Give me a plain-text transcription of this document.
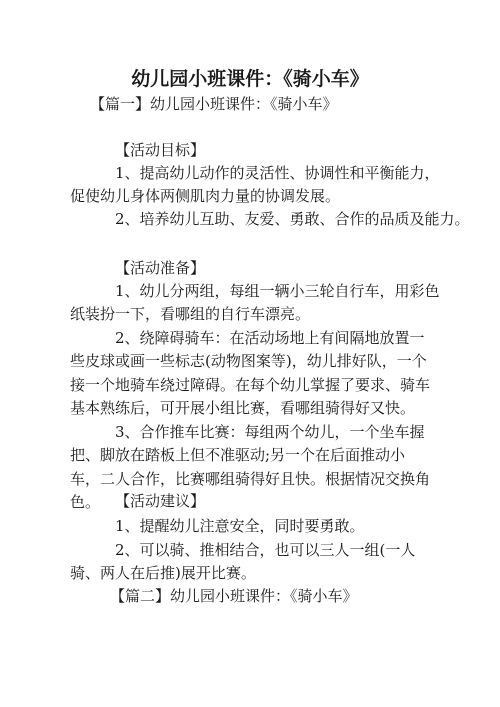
幼儿园小班课件：《骑小车》
【篇一】幼儿园小班课件：《骑小车》
【活动目标】
1、提高幼儿动作的灵活性、协调性和平衡能力，促使幼儿身体两侧肌肉力量的协调发展。
2、培养幼儿互助、友爱、勇敢、合作的品质及能力。
【活动准备】
1、幼儿分两组，每组一辆小三轮自行车，用彩色纸装扮一下，看哪组的自行车漂亮。
2、绕障碍骑车：在活动场地上有间隔地放置一些皮球或画一些标志(动物图案等)，幼儿排好队，一个接一个地骑车绕过障碍。在每个幼儿掌握了要求、骑车基本熟练后，可开展小组比赛，看哪组骑得好又快。
3、合作推车比赛：每组两个幼儿，一个坐车握把、脚放在踏板上但不准驱动;另一个在后面推动小车，二人合作，比赛哪组骑得好且快。根据情况交换角色。 【活动建议】
1、提醒幼儿注意安全，同时要勇敢。
2、可以骑、推相结合，也可以三人一组(一人骑、两人在后推)展开比赛。
【篇二】幼儿园小班课件：《骑小车》
